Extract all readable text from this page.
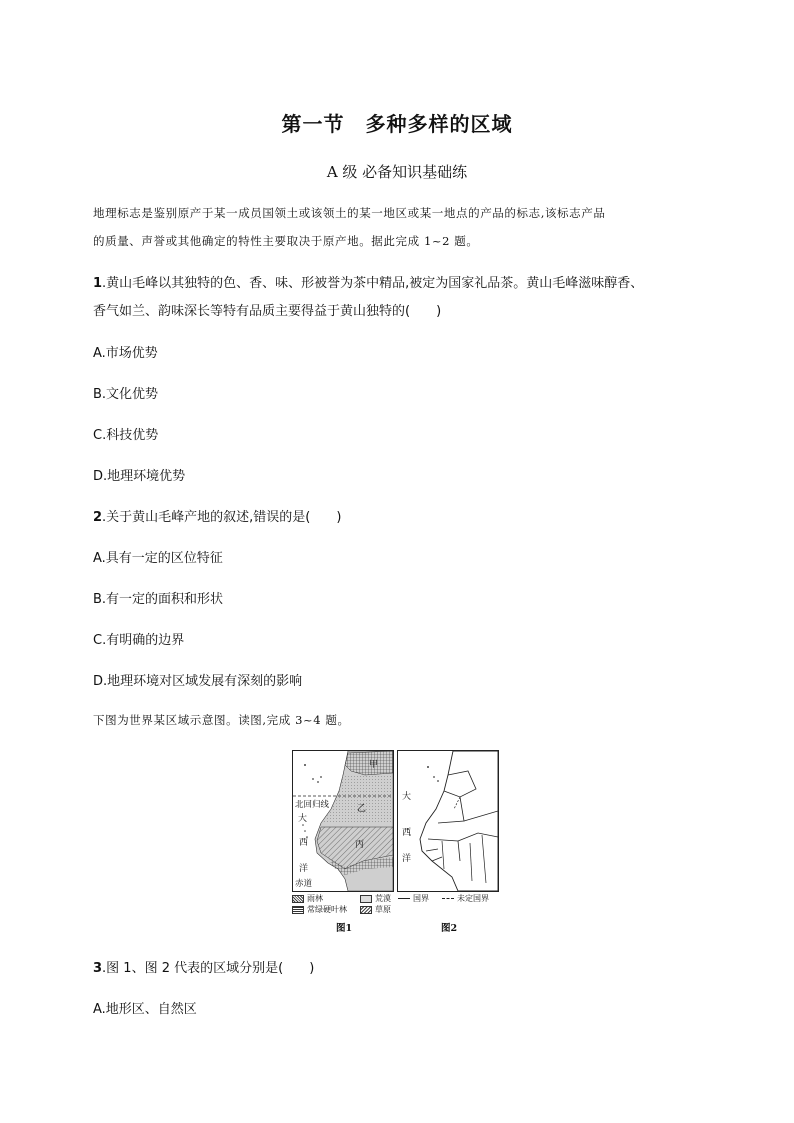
第一节　多种多样的区域
A 级 必备知识基础练
地理标志是鉴别原产于某一成员国领土或该领土的某一地区或某一地点的产品的标志,该标志产品
的质量、声誉或其他确定的特性主要取决于原产地。据此完成 1~2 题。
1.黄山毛峰以其独特的色、香、味、形被誉为茶中精品,被定为国家礼品茶。黄山毛峰滋味醇香、
香气如兰、韵味深长等特有品质主要得益于黄山独特的(　　)
A.市场优势
B.文化优势
C.科技优势
D.地理环境优势
2.关于黄山毛峰产地的叙述,错误的是(　　)
A.具有一定的区位特征
B.有一定的面积和形状
C.有明确的边界
D.地理环境对区域发展有深刻的影响
下图为世界某区域示意图。读图,完成 3~4 题。
甲
北回归线	乙
大
西	丙
洋
赤道
大
西
洋
雨林	荒漠	国界	未定国界
常绿硬叶林	草原
图1	图2
3.图 1、图 2 代表的区域分别是(　　)
A.地形区、自然区
